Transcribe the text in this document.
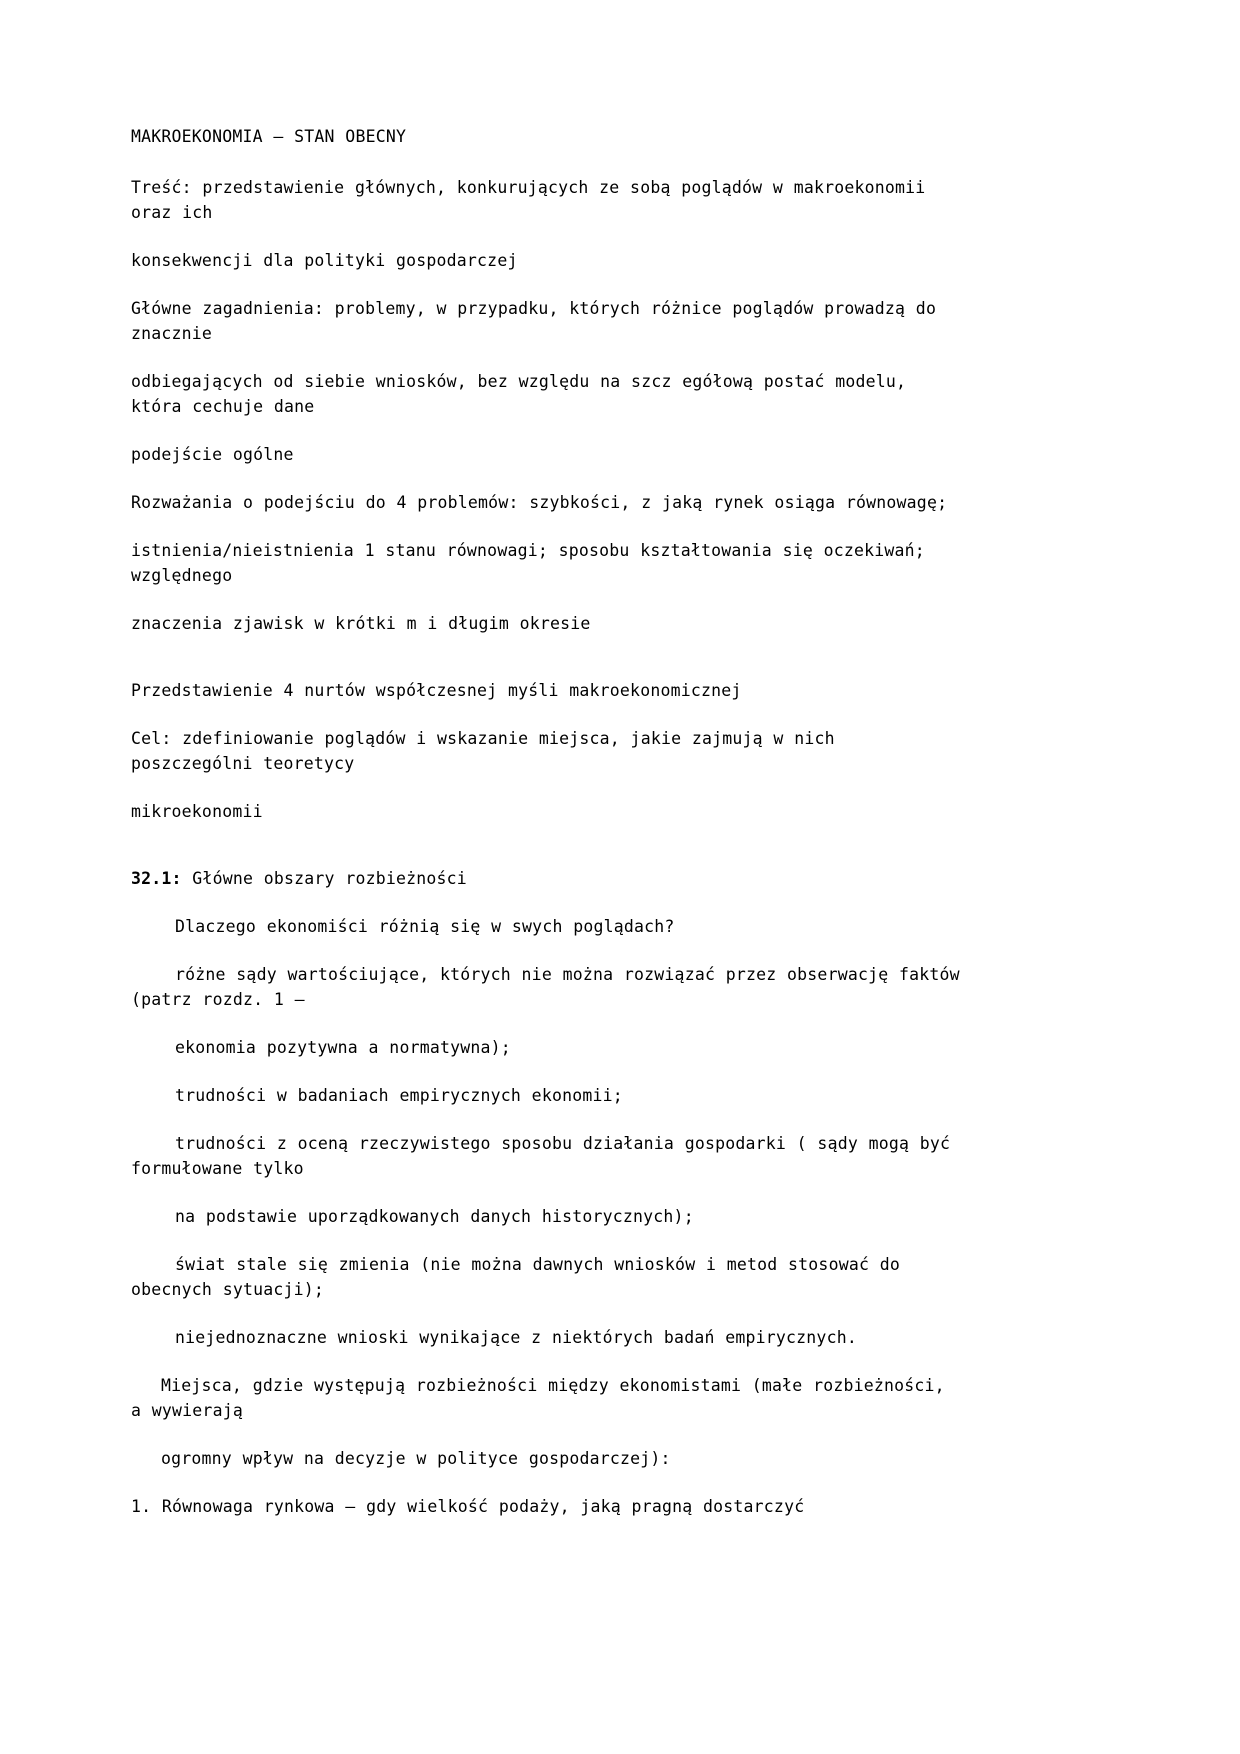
MAKROEKONOMIA – STAN OBECNY

Treść: przedstawienie głównych, konkurujących ze sobą poglądów w makroekonomii oraz ich

konsekwencji dla polityki gospodarczej

Główne zagadnienia: problemy, w przypadku, których różnice poglądów prowadzą do znacznie

odbiegających od siebie wniosków, bez względu na szcz egółową postać modelu, która cechuje dane

podejście ogólne

Rozważania o podejściu do 4 problemów: szybkości, z jaką rynek osiąga równowagę;

istnienia/nieistnienia 1 stanu równowagi; sposobu kształtowania się oczekiwań; względnego

znaczenia zjawisk w krótki m i długim okresie

Przedstawienie 4 nurtów współczesnej myśli makroekonomicznej

Cel: zdefiniowanie poglądów i wskazanie miejsca, jakie zajmują w nich poszczególni teoretycy

mikroekonomii

32.1: Główne obszary rozbieżności

Dlaczego ekonomiści różnią się w swych poglądach?

różne sądy wartościujące, których nie można rozwiązać przez obserwację faktów (patrz rozdz. 1 –

ekonomia pozytywna a normatywna);

trudności w badaniach empirycznych ekonomii;

trudności z oceną rzeczywistego sposobu działania gospodarki ( sądy mogą być formułowane tylko

na podstawie uporządkowanych danych historycznych);

świat stale się zmienia (nie można dawnych wniosków i metod stosować do obecnych sytuacji);

niejednoznaczne wnioski wynikające z niektórych badań empirycznych.

Miejsca, gdzie występują rozbieżności między ekonomistami (małe rozbieżności, a wywierają

ogromny wpływ na decyzje w polityce gospodarczej):

1. Równowaga rynkowa – gdy wielkość podaży, jaką pragną dostarczyć
